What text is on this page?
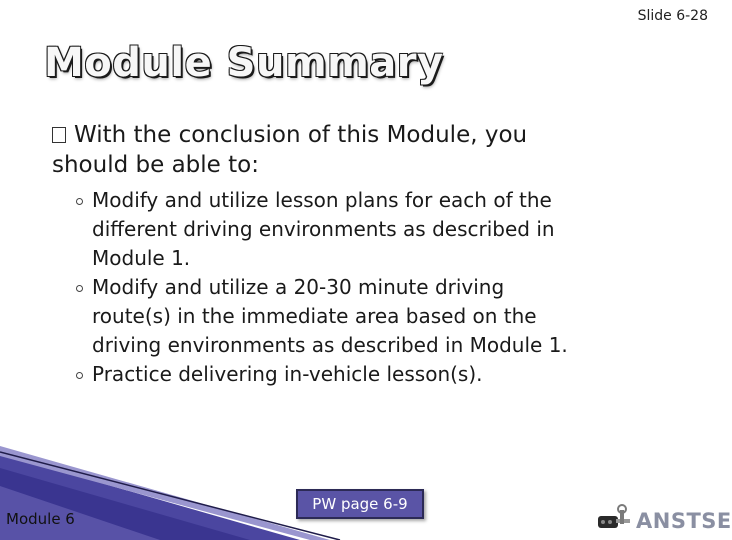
Slide 6-28
Module Summary
With the conclusion of this Module, you
should be able to:
Modify and utilize lesson plans for each of the
different driving environments as described in
Module 1.
Modify and utilize a 20-30 minute driving
route(s) in the immediate area based on the
driving environments as described in Module 1.
Practice delivering in-vehicle lesson(s).
Module 6
PW page 6-9
ANSTSE
